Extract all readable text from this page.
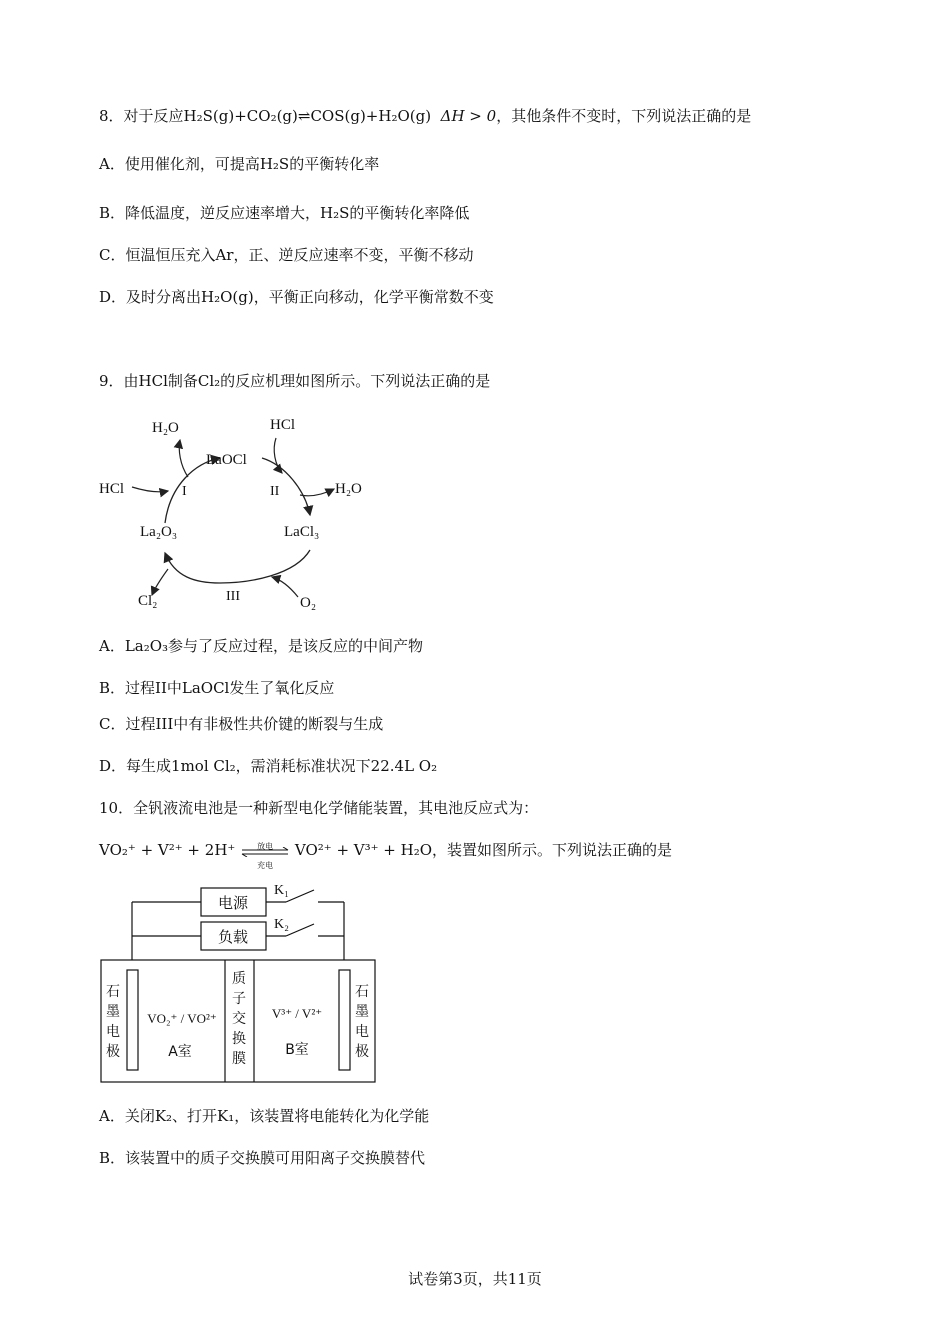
8．对于反应H₂S(g)+CO₂(g)⇌COS(g)+H₂O(g) ΔH > 0，其他条件不变时，下列说法正确的是
A．使用催化剂，可提高H₂S的平衡转化率
B．降低温度，逆反应速率增大，H₂S的平衡转化率降低
C．恒温恒压充入Ar，正、逆反应速率不变，平衡不移动
D．及时分离出H₂O(g)，平衡正向移动，化学平衡常数不变
9．由HCl制备Cl₂的反应机理如图所示。下列说法正确的是
H₂O	HCl
LaOCl
HCl	I	II	H₂O
La₂O₃	LaCl₃
III
Cl₂	O₂
A．La₂O₃参与了反应过程，是该反应的中间产物
B．过程II中LaOCl发生了氧化反应
C．过程III中有非极性共价键的断裂与生成
D．每生成1mol Cl₂，需消耗标准状况下22.4L O₂
10．全钒液流电池是一种新型电化学储能装置，其电池反应式为：
VO₂⁺ + V²⁺ + 2H⁺	放电
充电
VO²⁺ + V³⁺ + H₂O，装置如图所示。下列说法正确的是
电源
负载
K₁
K₂
石
墨
电
极
石
墨
电
极
质
子
交
换
膜
VO₂⁺ / VO²⁺
A室
V³⁺ / V²⁺
B室
A．关闭K₂、打开K₁，该装置将电能转化为化学能
B．该装置中的质子交换膜可用阳离子交换膜替代
试卷第3页，共11页
